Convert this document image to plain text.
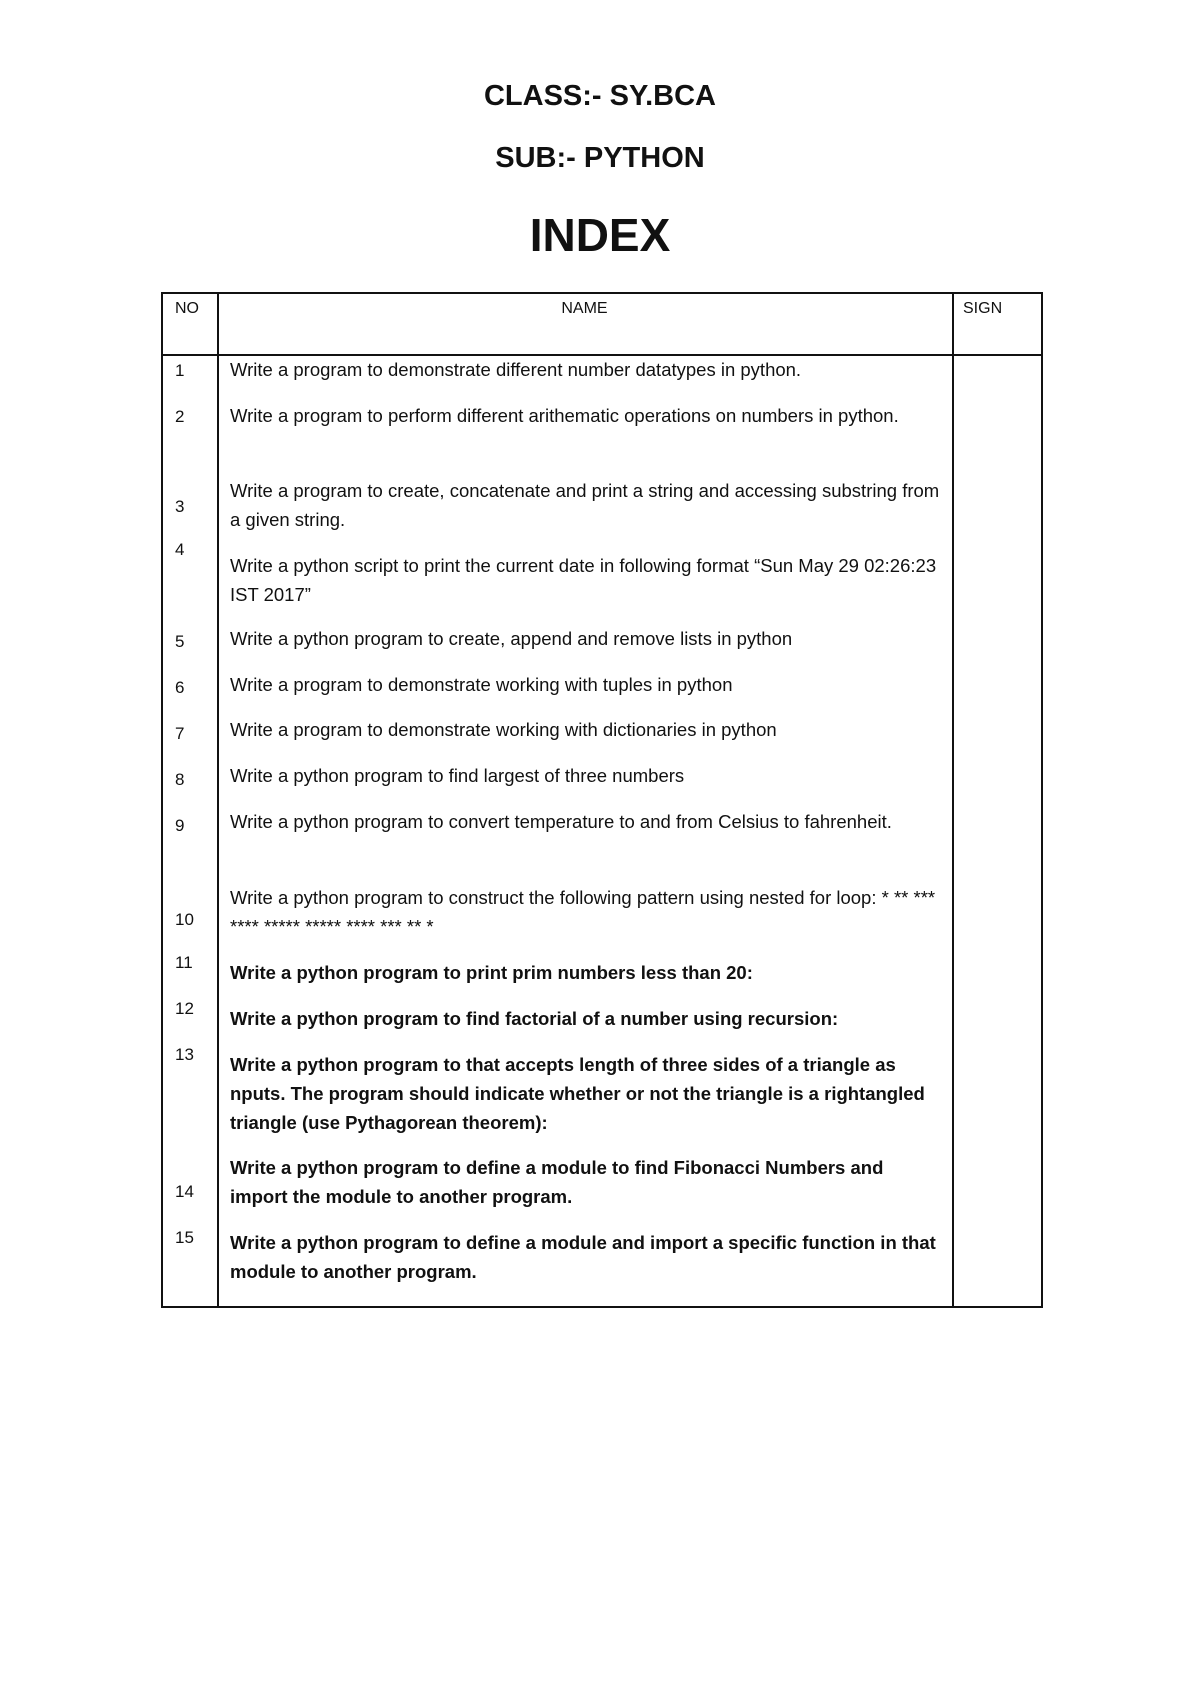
CLASS:- SY.BCA
SUB:- PYTHON
INDEX
NO	NAME	SIGN
1
2
3
4
5
6
7
8
9
10
11
12
13
14
15
Write a program to demonstrate different number datatypes in python.
Write a program to perform different arithematic operations on numbers in python.
Write a program to create, concatenate and print a string and accessing substring from a given string.
Write a python script to print the current date in following format “Sun May 29 02:26:23 IST 2017”
Write a python program to create, append and remove lists in python
Write a program to demonstrate working with tuples in python
Write a program to demonstrate working with dictionaries in python
Write a python program to find largest of three numbers
Write a python program to convert temperature to and from Celsius to fahrenheit.
Write a python program to construct the following pattern using nested for loop: * ** *** **** ***** ***** **** *** ** *
Write a python program to print prim numbers less than 20:
Write a python program to find factorial of a number using recursion:
Write a python program to that accepts length of three sides of a triangle as nputs. The program should indicate whether or not the triangle is a rightangled triangle (use Pythagorean theorem):
Write a python program to define a module to find Fibonacci Numbers and import the module to another program.
Write a python program to define a module and import a specific function in that module to another program.
